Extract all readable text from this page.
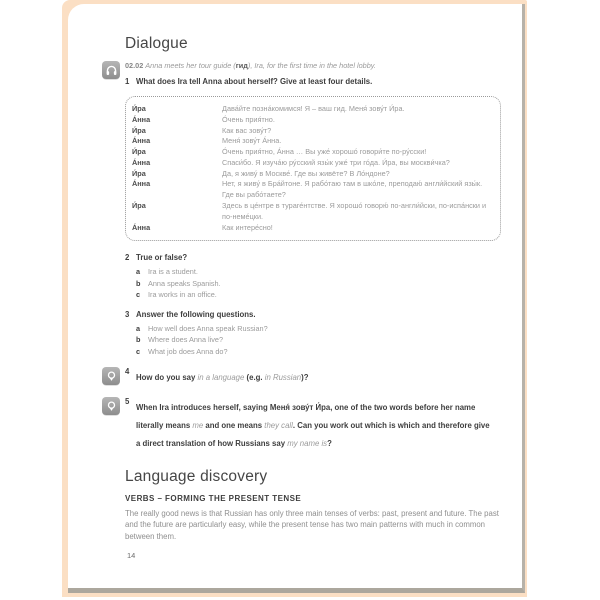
Dialogue

02.02 Anna meets her tour guide (гид), Ira, for the first time in the hotel lobby.

1 What does Ira tell Anna about herself? Give at least four details.
И́ра	Дава́йте позна́комимся! Я – ваш гид. Меня́ зову́т И́ра.
А́нна	О́чень прия́тно.
И́ра	Как вас зову́т?
А́нна	Меня́ зову́т А́нна.
И́ра	О́чень прия́тно, А́нна … Вы уже́ хорошо́ говори́те по-ру́сски!
А́нна	Спаси́бо. Я изуча́ю ру́сский язы́к уже́ три го́да. И́ра, вы москви́чка?
И́ра	Да, я живу́ в Москве́. Где вы живёте? В Ло́ндоне?
А́нна	Нет, я живу́ в Бра́йтоне. Я рабо́таю там в шко́ле, преподаю́ англи́йский язы́к. Где вы рабо́таете?
И́ра	Здесь в це́нтре в тураге́нтстве. Я хорошо́ говорю́ по-англи́йски, по-испа́нски и по-неме́цки.
А́нна	Как интере́сно!
2 True or false?
a	Ira is a student.
b	Anna speaks Spanish.
c	Ira works in an office.
3 Answer the following questions.
a	How well does Anna speak Russian?
b	Where does Anna live?
c	What job does Anna do?
4
How do you say in a language (e.g. in Russian)?
5
When Ira introduces herself, saying Меня́ зову́т И́ра, one of the two words before her name literally means me and one means they call. Can you work out which is which and therefore give a direct translation of how Russians say my name is?
Language discovery

VERBS – FORMING THE PRESENT TENSE

The really good news is that Russian has only three main tenses of verbs: past, present and future. The past and the future are particularly easy, while the present tense has two main patterns with much in common between them.

14
